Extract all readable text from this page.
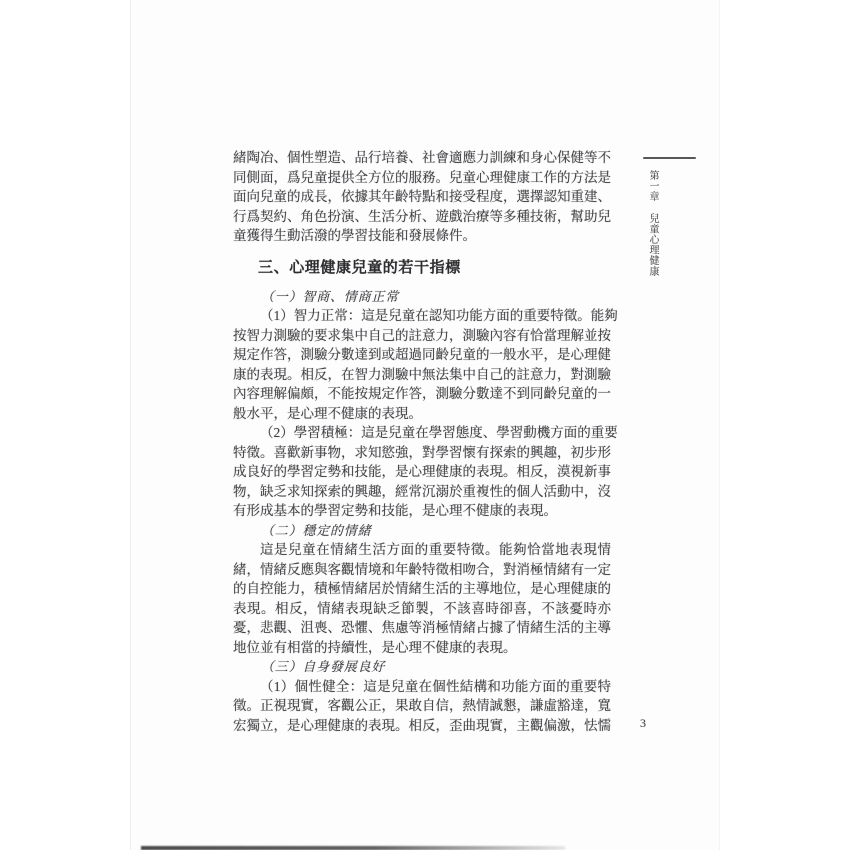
緒陶冶、個性塑造、品行培養、社會適應力訓練和身心保健等不
同側面，爲兒童提供全方位的服務。兒童心理健康工作的方法是
面向兒童的成長，依據其年齡特點和接受程度，選擇認知重建、
行爲契約、角色扮演、生活分析、遊戲治療等多種技術，幫助兒
童獲得生動活潑的學習技能和發展條件。
三、心理健康兒童的若干指標
（一）智商、情商正常
（1）智力正常：這是兒童在認知功能方面的重要特徵。能夠
按智力測驗的要求集中自己的註意力，測驗內容有恰當理解並按
規定作答，測驗分數達到或超過同齡兒童的一般水平，是心理健
康的表現。相反，在智力測驗中無法集中自己的註意力，對測驗
內容理解偏頗，不能按規定作答，測驗分數達不到同齡兒童的一
般水平，是心理不健康的表現。
（2）學習積極：這是兒童在學習態度、學習動機方面的重要
特徵。喜歡新事物，求知慾強，對學習懷有探索的興趣，初步形
成良好的學習定勢和技能，是心理健康的表現。相反，漠視新事
物，缺乏求知探索的興趣，經常沉溺於重複性的個人活動中，沒
有形成基本的學習定勢和技能，是心理不健康的表現。
（二）穩定的情緒
這是兒童在情緒生活方面的重要特徵。能夠恰當地表現情
緒，情緒反應與客觀情境和年齡特徵相吻合，對消極情緒有一定
的自控能力，積極情緒居於情緒生活的主導地位，是心理健康的
表現。相反，情緒表現缺乏節製，不該喜時卻喜，不該憂時亦
憂，悲觀、沮喪、恐懼、焦慮等消極情緒占據了情緒生活的主導
地位並有相當的持續性，是心理不健康的表現。
（三）自身發展良好
（1）個性健全：這是兒童在個性結構和功能方面的重要特
徵。正視現實，客觀公正，果敢自信，熱情誠懇，謙虛豁達，寬
宏獨立，是心理健康的表現。相反，歪曲現實，主觀偏激，怯懦
第一章兒童心理健康
3
